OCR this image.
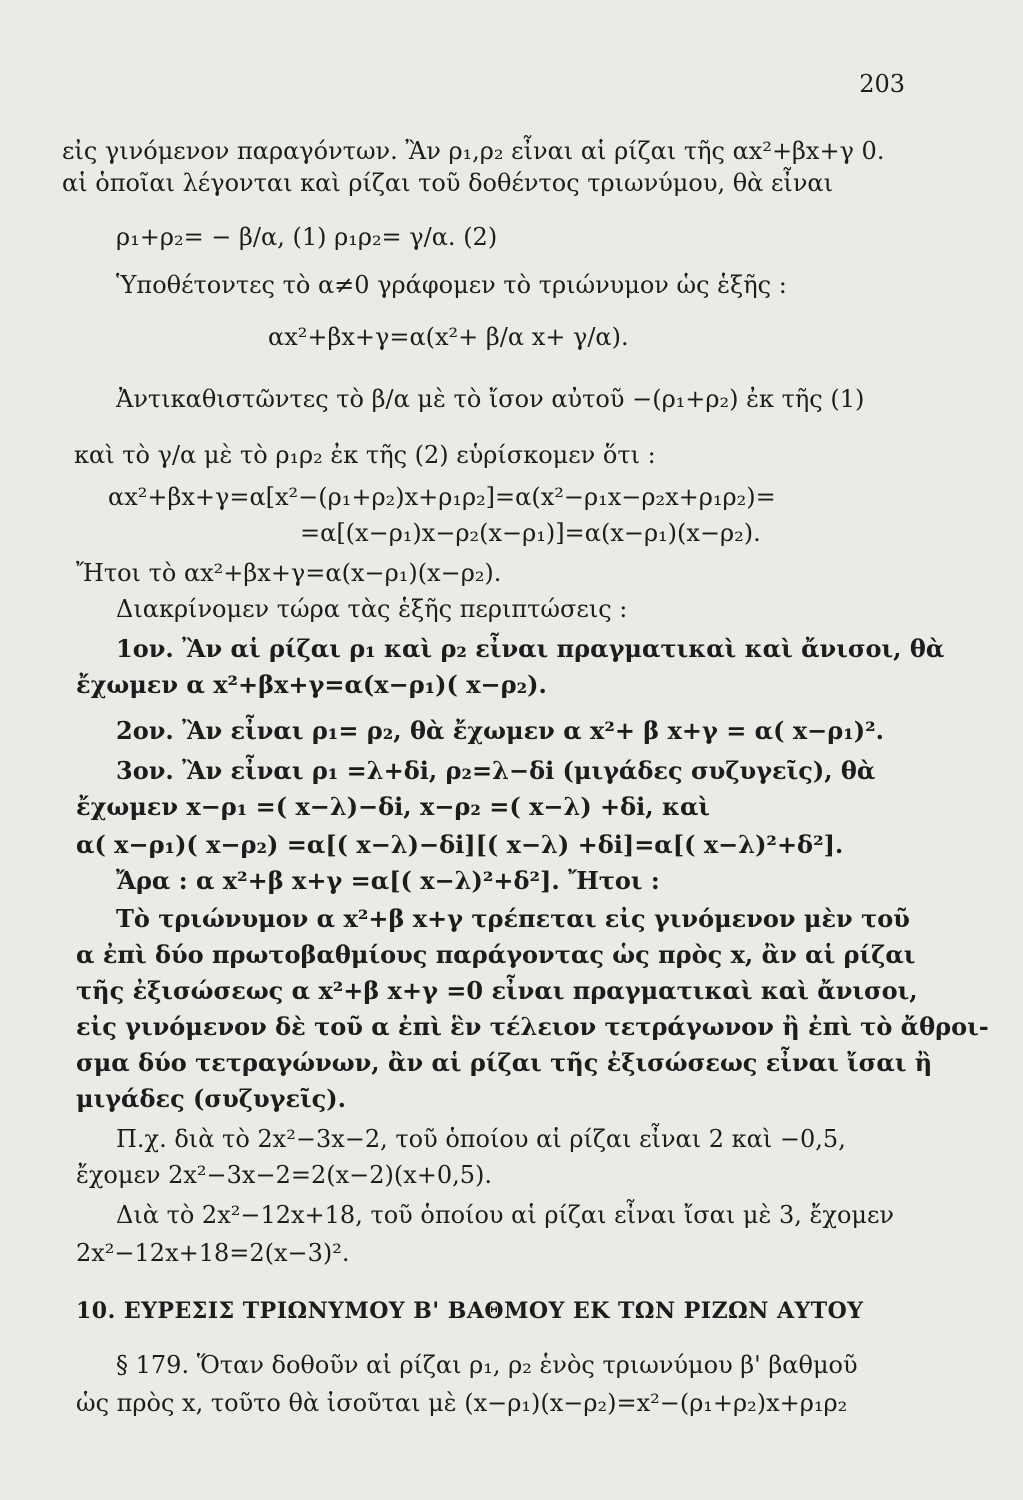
203
εἰς γινόμενον παραγόντων. Ἂν ρ₁,ρ₂ εἶναι αἱ ρίζαι τῆς αx²+βx+γ 0.
αἱ ὁποῖαι λέγονται καὶ ρίζαι τοῦ δοθέντος τριωνύμου, θὰ εἶναι
ρ₁+ρ₂= − β/α, (1) ρ₁ρ₂= γ/α. (2)
Ὑποθέτοντες τὸ α≠0 γράφομεν τὸ τριώνυμον ὡς ἑξῆς :
αx²+βx+γ=α(x²+ β/α x+ γ/α).
Ἀντικαθιστῶντες τὸ β/α μὲ τὸ ἴσον αὐτοῦ −(ρ₁+ρ₂) ἐκ τῆς (1)
καὶ τὸ γ/α μὲ τὸ ρ₁ρ₂ ἐκ τῆς (2) εὑρίσκομεν ὅτι :
αx²+βx+γ=α[x²−(ρ₁+ρ₂)x+ρ₁ρ₂]=α(x²−ρ₁x−ρ₂x+ρ₁ρ₂)=
=α[(x−ρ₁)x−ρ₂(x−ρ₁)]=α(x−ρ₁)(x−ρ₂).
Ἤτοι τὸ αx²+βx+γ=α(x−ρ₁)(x−ρ₂).
Διακρίνομεν τώρα τὰς ἑξῆς περιπτώσεις :
1ον. Ἂν αἱ ρίζαι ρ₁ καὶ ρ₂ εἶναι πραγματικαὶ καὶ ἄνισοι, θὰ
ἔχωμεν α x²+βx+γ=α(x−ρ₁)( x−ρ₂).
2ον. Ἂν εἶναι ρ₁= ρ₂, θὰ ἔχωμεν α x²+ β x+γ = α( x−ρ₁)².
3ον. Ἂν εἶναι ρ₁ =λ+δi, ρ₂=λ−δi (μιγάδες συζυγεῖς), θὰ
ἔχωμεν x−ρ₁ =( x−λ)−δi, x−ρ₂ =( x−λ) +δi, καὶ
α( x−ρ₁)( x−ρ₂) =α[( x−λ)−δi][( x−λ) +δi]=α[( x−λ)²+δ²].
Ἄρα : α x²+β x+γ =α[( x−λ)²+δ²]. Ἤτοι :
Τὸ τριώνυμον α x²+β x+γ τρέπεται εἰς γινόμενον μὲν τοῦ
α ἐπὶ δύο πρωτοβαθμίους παράγοντας ὡς πρὸς x, ἂν αἱ ρίζαι
τῆς ἐξισώσεως α x²+β x+γ =0 εἶναι πραγματικαὶ καὶ ἄνισοι,
εἰς γινόμενον δὲ τοῦ α ἐπὶ ἓν τέλειον τετράγωνον ἢ ἐπὶ τὸ ἄθροι-
σμα δύο τετραγώνων, ἂν αἱ ρίζαι τῆς ἐξισώσεως εἶναι ἴσαι ἢ
μιγάδες (συζυγεῖς).
Π.χ. διὰ τὸ 2x²−3x−2, τοῦ ὁποίου αἱ ρίζαι εἶναι 2 καὶ −0,5,
ἔχομεν 2x²−3x−2=2(x−2)(x+0,5).
Διὰ τὸ 2x²−12x+18, τοῦ ὁποίου αἱ ρίζαι εἶναι ἴσαι μὲ 3, ἔχομεν
2x²−12x+18=2(x−3)².
10. ΕΥΡΕΣΙΣ ΤΡΙΩΝΥΜΟΥ Β' ΒΑΘΜΟΥ ΕΚ ΤΩΝ ΡΙΖΩΝ ΑΥΤΟΥ
§ 179. Ὅταν δοθοῦν αἱ ρίζαι ρ₁, ρ₂ ἑνὸς τριωνύμου β' βαθμοῦ
ὡς πρὸς x, τοῦτο θὰ ἰσοῦται μὲ (x−ρ₁)(x−ρ₂)=x²−(ρ₁+ρ₂)x+ρ₁ρ₂
